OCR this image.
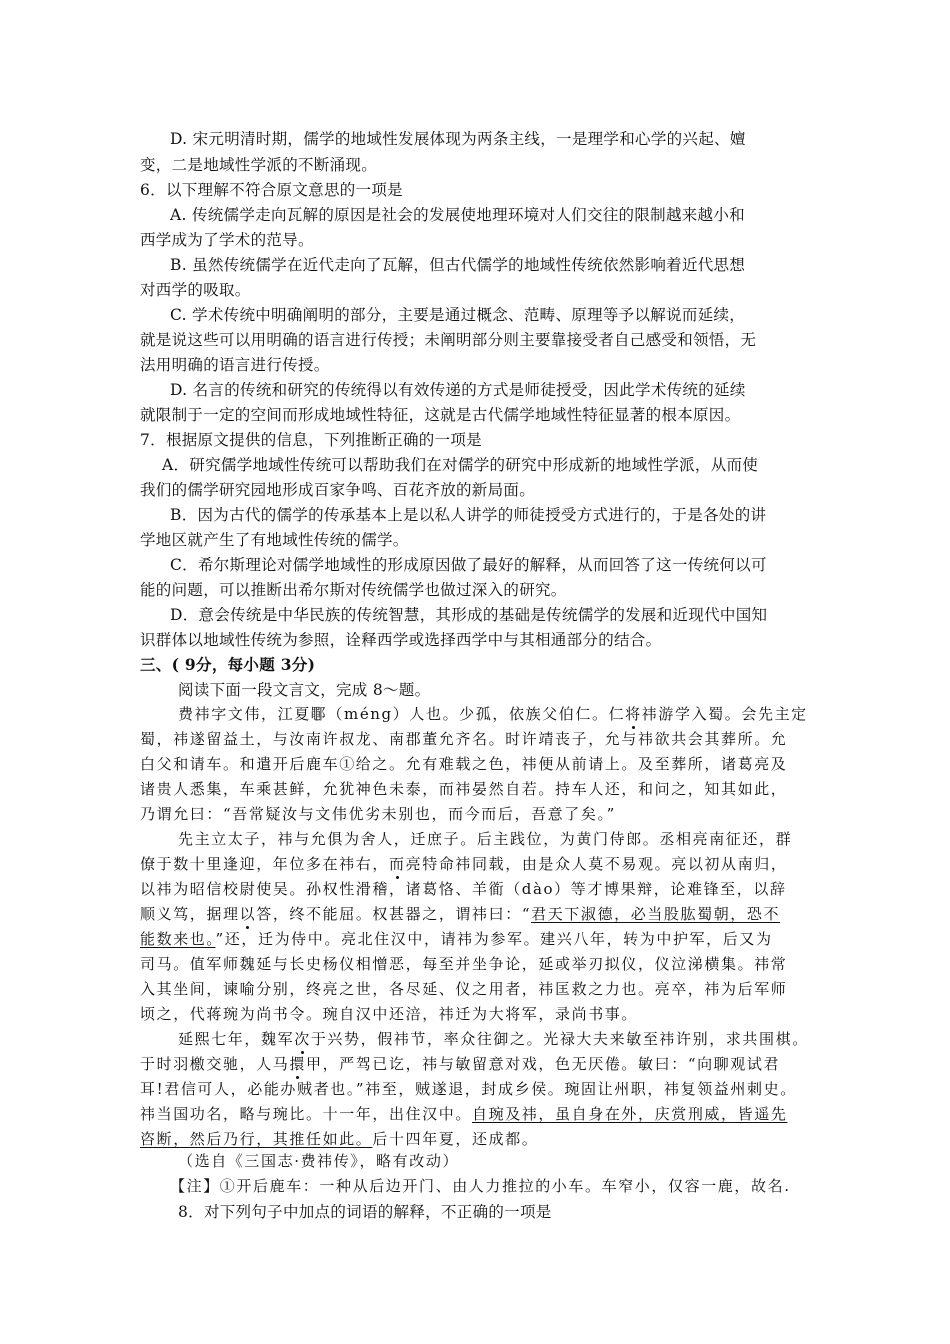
D. 宋元明清时期，儒学的地域性发展体现为两条主线，一是理学和心学的兴起、嬗
变，二是地域性学派的不断涌现。
6．以下理解不符合原文意思的一项是
A. 传统儒学走向瓦解的原因是社会的发展使地理环境对人们交往的限制越来越小和
西学成为了学术的范导。
B. 虽然传统儒学在近代走向了瓦解，但古代儒学的地域性传统依然影响着近代思想
对西学的吸取。
C. 学术传统中明确阐明的部分，主要是通过概念、范畴、原理等予以解说而延续，
就是说这些可以用明确的语言进行传授；未阐明部分则主要靠接受者自己感受和领悟，无
法用明确的语言进行传授。
D. 名言的传统和研究的传统得以有效传递的方式是师徒授受，因此学术传统的延续
就限制于一定的空间而形成地域性特征，这就是古代儒学地域性特征显著的根本原因。
7．根据原文提供的信息，下列推断正确的一项是
A．研究儒学地域性传统可以帮助我们在对儒学的研究中形成新的地域性学派，从而使
我们的儒学研究园地形成百家争鸣、百花齐放的新局面。
B．因为古代的儒学的传承基本上是以私人讲学的师徒授受方式进行的，于是各处的讲
学地区就产生了有地域性传统的儒学。
C．希尔斯理论对儒学地域性的形成原因做了最好的解释，从而回答了这一传统何以可
能的问题，可以推断出希尔斯对传统儒学也做过深入的研究。
D．意会传统是中华民族的传统智慧，其形成的基础是传统儒学的发展和近现代中国知
识群体以地域性传统为参照，诠释西学或选择西学中与其相通部分的结合。
三、( 9分，每小题 3分)
阅读下面一段文言文，完成 8～题。
费祎字文伟，江夏鄳（méng）人也。少孤，依族父伯仁。仁将祎游学入蜀。会先主定
蜀，祎遂留益土，与汝南许叔龙、南郡董允齐名。时许靖丧子，允与祎欲共会其葬所。允
白父和请车。和遣开后鹿车①给之。允有难载之色，祎便从前请上。及至葬所，诸葛亮及
诸贵人悉集，车乘甚鲜，允犹神色未泰，而祎晏然自若。持车人还，和问之，知其如此，
乃谓允曰：“吾常疑汝与文伟优劣未别也，而今而后，吾意了矣。”
先主立太子，祎与允俱为舍人，迁庶子。后主践位，为黄门侍郎。丞相亮南征还，群
僚于数十里逢迎，年位多在祎右，而亮特命祎同载，由是众人莫不易观。亮以初从南归，
以祎为昭信校尉使吴。孙权性滑稽，诸葛恪、羊衜（dào）等才博果辩，论难锋至，以辞
顺义笃，据理以答，终不能屈。权甚器之，谓祎曰：“君天下淑德，必当股肱蜀朝，恐不
能数来也。”还，迁为侍中。亮北住汉中，请祎为参军。建兴八年，转为中护军，后又为
司马。值军师魏延与长史杨仪相憎恶，每至并坐争论，延或举刃拟仪，仪泣涕横集。祎常
入其坐间，谏喻分别，终亮之世，各尽延、仪之用者，祎匡救之力也。亮卒，祎为后军师
顷之，代蒋琬为尚书令。琬自汉中还涪，祎迁为大将军，录尚书事。
延熙七年，魏军次于兴势，假祎节，率众往御之。光禄大夫来敏至祎许别，求共围棋。
于时羽檄交驰，人马擐甲，严驾已讫，祎与敏留意对戏，色无厌倦。敏曰：“向聊观试君
耳!君信可人，必能办贼者也。”祎至，贼遂退，封成乡侯。琬固让州职，祎复领益州刺史。
祎当国功名，略与琬比。十一年，出住汉中。自琬及祎，虽自身在外，庆赏刑威，皆遥先
咨断，然后乃行，其推任如此。后十四年夏，还成都。
（选自《三国志·费祎传》，略有改动）
【注】①开后鹿车：一种从后边开门、由人力推拉的小车。车窄小，仅容一鹿，故名.
8．对下列句子中加点的词语的解释，不正确的一项是
